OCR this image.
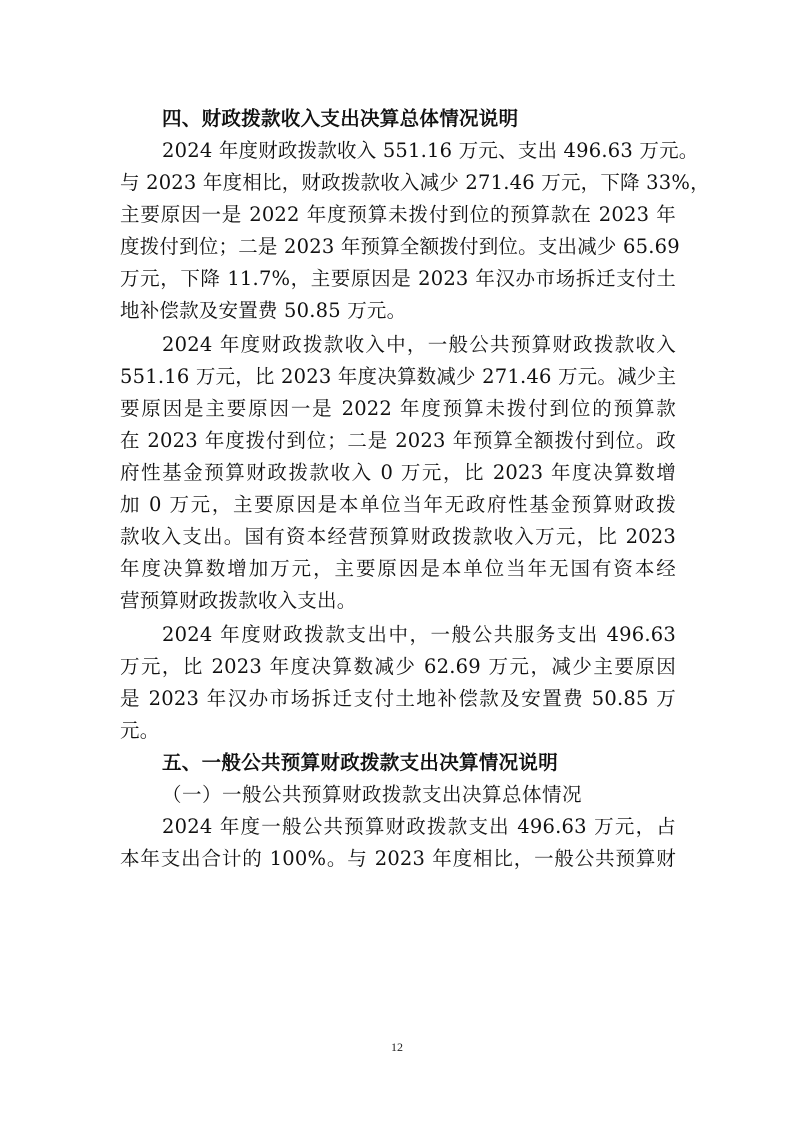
四、财政拨款收入支出决算总体情况说明
2024 年度财政拨款收入 551.16 万元、支出 496.63 万元。
与 2023 年度相比，财政拨款收入减少 271.46 万元，下降 33%，
主要原因一是 2022 年度预算未拨付到位的预算款在 2023 年
度拨付到位；二是 2023 年预算全额拨付到位。支出减少 65.69
万元，下降 11.7%，主要原因是 2023 年汉办市场拆迁支付土
地补偿款及安置费 50.85 万元。
2024 年度财政拨款收入中，一般公共预算财政拨款收入
551.16 万元，比 2023 年度决算数减少 271.46 万元。减少主
要原因是主要原因一是 2022 年度预算未拨付到位的预算款
在 2023 年度拨付到位；二是 2023 年预算全额拨付到位。政
府性基金预算财政拨款收入 0 万元，比 2023 年度决算数增
加 0 万元，主要原因是本单位当年无政府性基金预算财政拨
款收入支出。国有资本经营预算财政拨款收入万元，比 2023
年度决算数增加万元，主要原因是本单位当年无国有资本经
营预算财政拨款收入支出。
2024 年度财政拨款支出中，一般公共服务支出 496.63
万元，比 2023 年度决算数减少 62.69 万元，减少主要原因
是 2023 年汉办市场拆迁支付土地补偿款及安置费 50.85 万
元。
五、一般公共预算财政拨款支出决算情况说明
（一）一般公共预算财政拨款支出决算总体情况
2024 年度一般公共预算财政拨款支出 496.63 万元，占
本年支出合计的 100%。与 2023 年度相比，一般公共预算财
12
